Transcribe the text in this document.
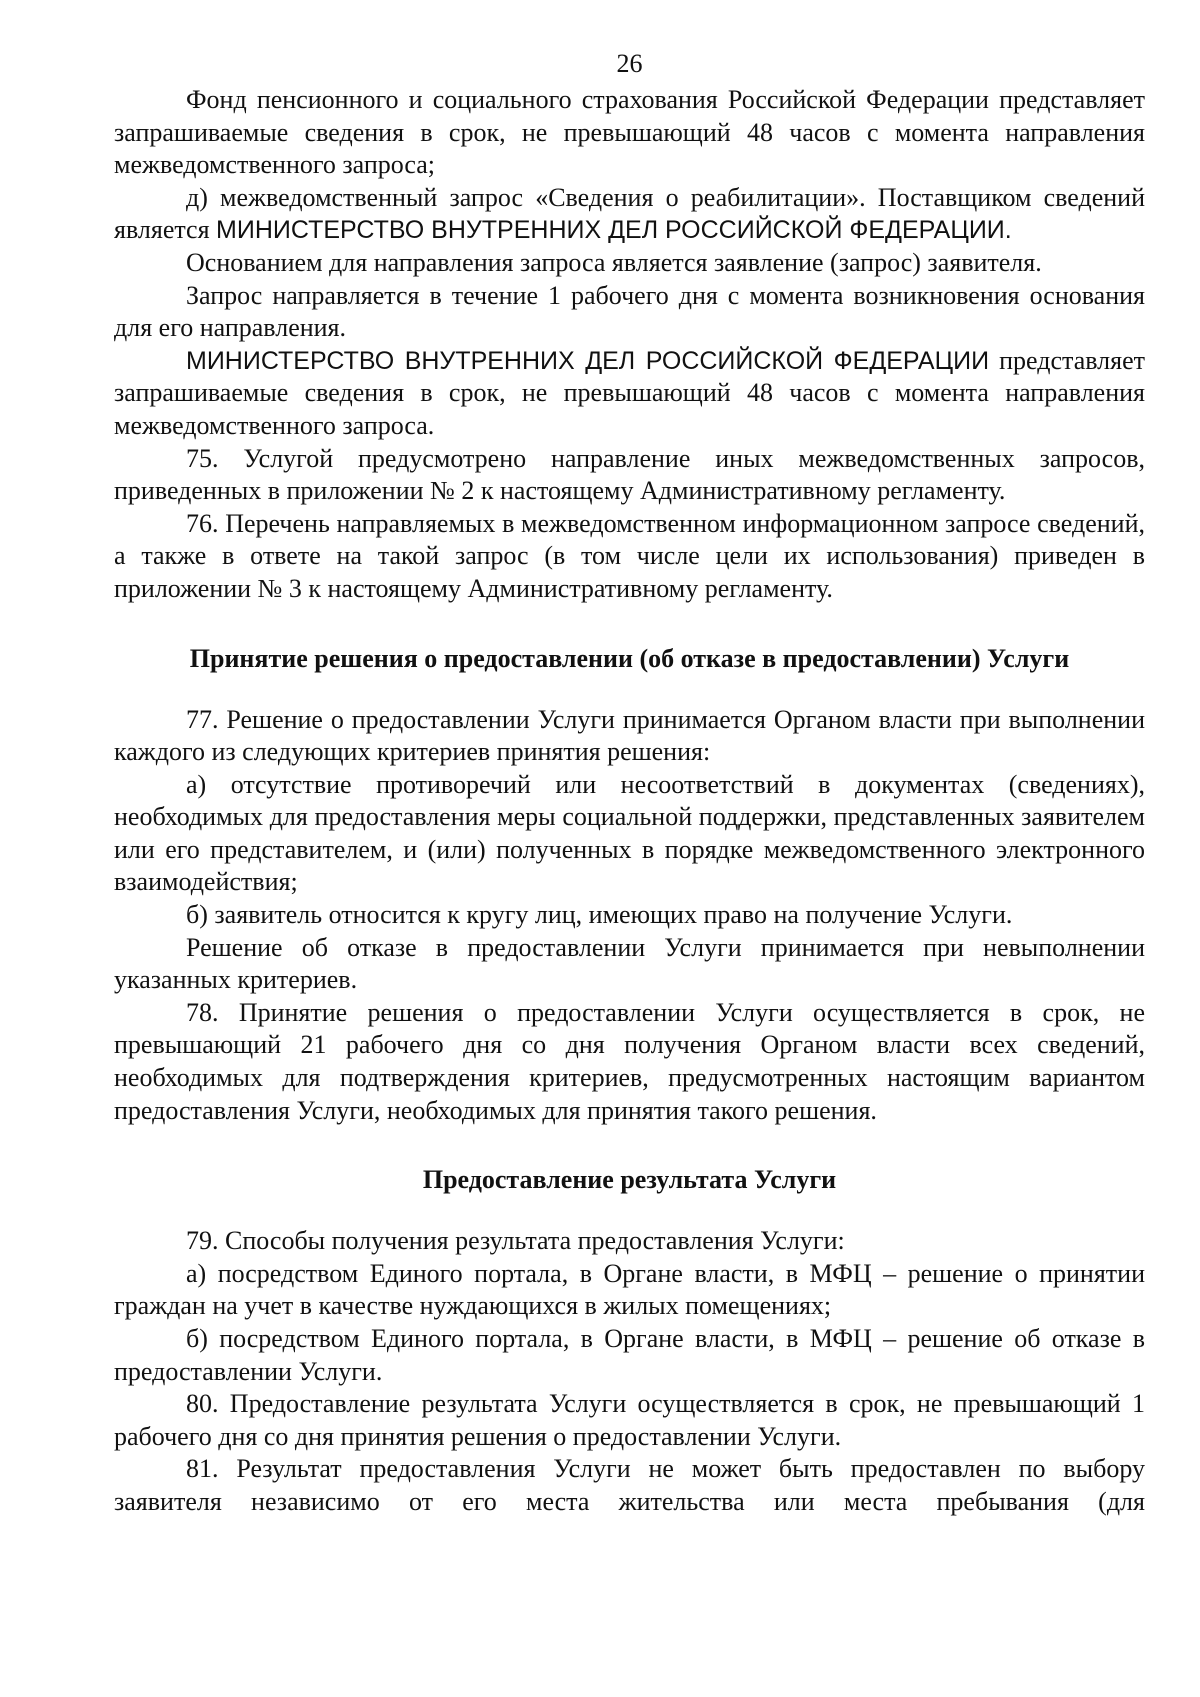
26

Фонд пенсионного и социального страхования Российской Федерации представляет запрашиваемые сведения в срок, не превышающий 48 часов с момента направления межведомственного запроса;

д) межведомственный запрос «Сведения о реабилитации». Поставщиком сведений является МИНИСТЕРСТВО ВНУТРЕННИХ ДЕЛ РОССИЙСКОЙ ФЕДЕРАЦИИ.

Основанием для направления запроса является заявление (запрос) заявителя.

Запрос направляется в течение 1 рабочего дня с момента возникновения основания для его направления.

МИНИСТЕРСТВО ВНУТРЕННИХ ДЕЛ РОССИЙСКОЙ ФЕДЕРАЦИИ представляет запрашиваемые сведения в срок, не превышающий 48 часов с момента направления межведомственного запроса.

75. Услугой предусмотрено направление иных межведомственных запросов, приведенных в приложении № 2 к настоящему Административному регламенту.

76. Перечень направляемых в межведомственном информационном запросе сведений, а также в ответе на такой запрос (в том числе цели их использования) приведен в приложении № 3 к настоящему Административному регламенту.

Принятие решения о предоставлении (об отказе в предоставлении) Услуги

77. Решение о предоставлении Услуги принимается Органом власти при выполнении каждого из следующих критериев принятия решения:

а) отсутствие противоречий или несоответствий в документах (сведениях), необходимых для предоставления меры социальной поддержки, представленных заявителем или его представителем, и (или) полученных в порядке межведомственного электронного взаимодействия;

б) заявитель относится к кругу лиц, имеющих право на получение Услуги.

Решение об отказе в предоставлении Услуги принимается при невыполнении указанных критериев.

78. Принятие решения о предоставлении Услуги осуществляется в срок, не превышающий 21 рабочего дня со дня получения Органом власти всех сведений, необходимых для подтверждения критериев, предусмотренных настоящим вариантом предоставления Услуги, необходимых для принятия такого решения.

Предоставление результата Услуги

79. Способы получения результата предоставления Услуги:

а) посредством Единого портала, в Органе власти, в МФЦ – решение о принятии граждан на учет в качестве нуждающихся в жилых помещениях;

б) посредством Единого портала, в Органе власти, в МФЦ – решение об отказе в предоставлении Услуги.

80. Предоставление результата Услуги осуществляется в срок, не превышающий 1 рабочего дня со дня принятия решения о предоставлении Услуги.

81. Результат предоставления Услуги не может быть предоставлен по выбору заявителя независимо от его места жительства или места пребывания (для
